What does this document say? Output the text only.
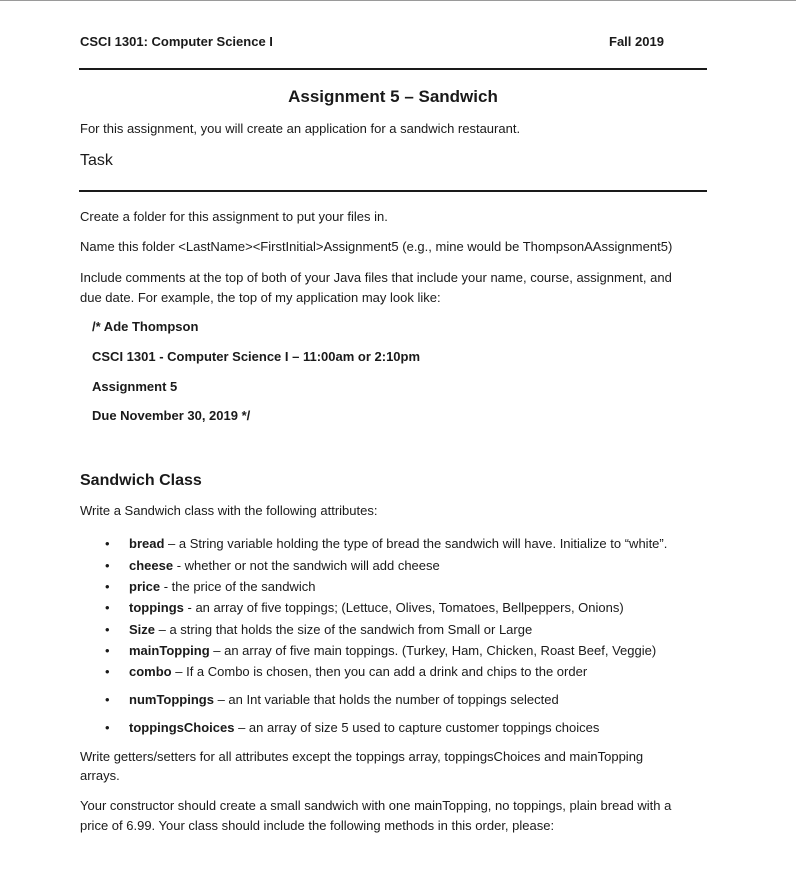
CSCI 1301: Computer Science I	Fall 2019
Assignment 5 – Sandwich
For this assignment, you will create an application for a sandwich restaurant.
Task
Create a folder for this assignment to put your files in.
Name this folder <LastName><FirstInitial>Assignment5 (e.g., mine would be ThompsonAAssignment5)
Include comments at the top of both of your Java files that include your name, course, assignment, and
due date. For example, the top of my application may look like:
/* Ade Thompson
CSCI 1301 - Computer Science I – 11:00am or 2:10pm
Assignment 5
Due November 30, 2019 */
Sandwich Class
Write a Sandwich class with the following attributes:
• bread – a String variable holding the type of bread the sandwich will have. Initialize to “white”.
• cheese - whether or not the sandwich will add cheese
• price - the price of the sandwich
• toppings - an array of five toppings; (Lettuce, Olives, Tomatoes, Bellpeppers, Onions)
• Size – a string that holds the size of the sandwich from Small or Large
• mainTopping – an array of five main toppings. (Turkey, Ham, Chicken, Roast Beef, Veggie)
• combo – If a Combo is chosen, then you can add a drink and chips to the order
• numToppings – an Int variable that holds the number of toppings selected
• toppingsChoices – an array of size 5 used to capture customer toppings choices
Write getters/setters for all attributes except the toppings array, toppingsChoices and mainTopping
arrays.
Your constructor should create a small sandwich with one mainTopping, no toppings, plain bread with a
price of 6.99. Your class should include the following methods in this order, please:
